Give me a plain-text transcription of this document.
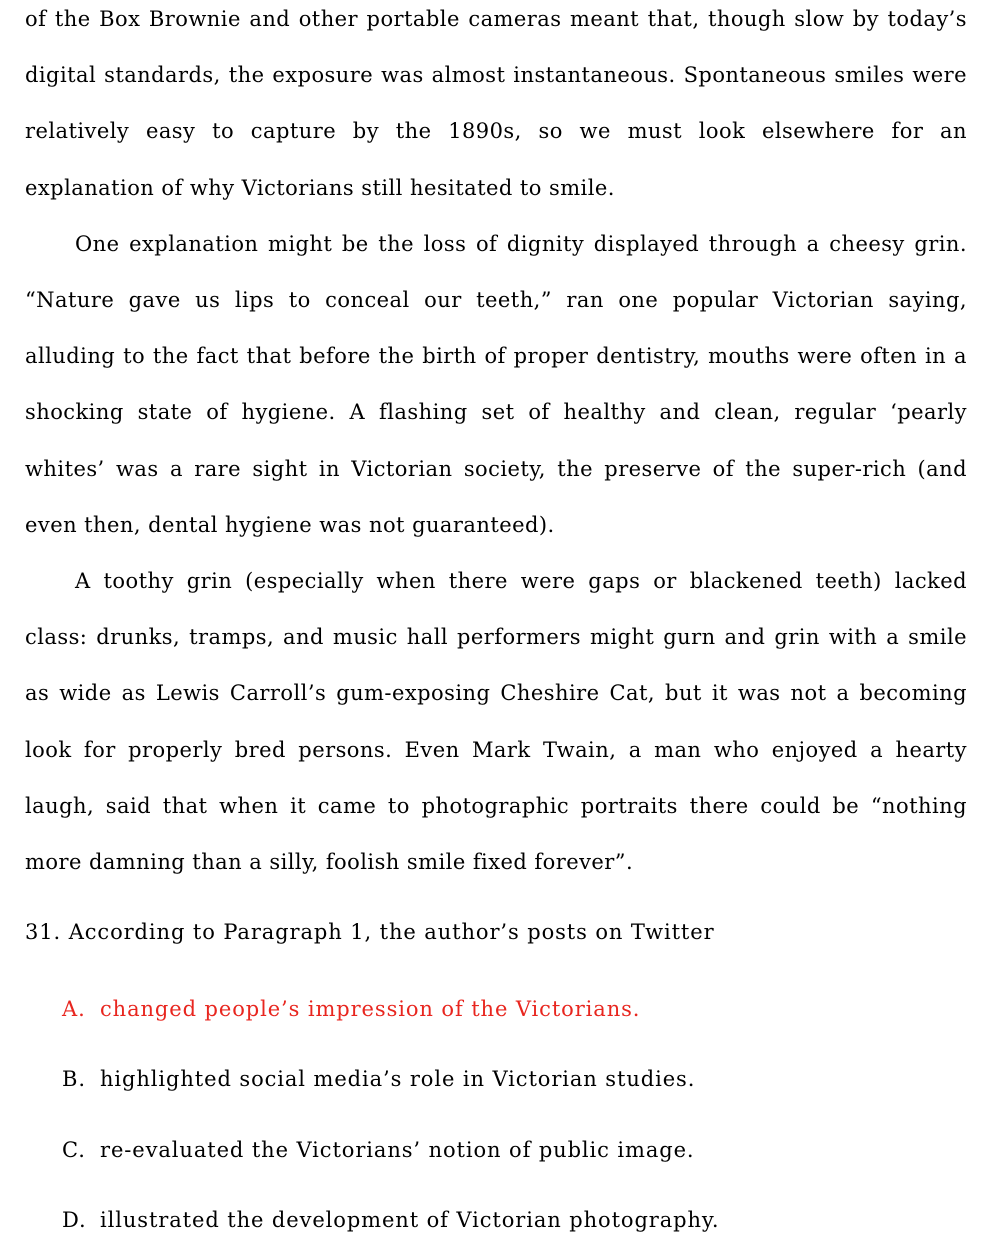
of the Box Brownie and other portable cameras meant that, though slow by today’s digital standards, the exposure was almost instantaneous. Spontaneous smiles were relatively easy to capture by the 1890s, so we must look elsewhere for an explanation of why Victorians still hesitated to smile.

One explanation might be the loss of dignity displayed through a cheesy grin. “Nature gave us lips to conceal our teeth,” ran one popular Victorian saying, alluding to the fact that before the birth of proper dentistry, mouths were often in a shocking state of hygiene. A flashing set of healthy and clean, regular ‘pearly whites’ was a rare sight in Victorian society, the preserve of the super-rich (and even then, dental hygiene was not guaranteed).

A toothy grin (especially when there were gaps or blackened teeth) lacked class: drunks, tramps, and music hall performers might gurn and grin with a smile as wide as Lewis Carroll’s gum-exposing Cheshire Cat, but it was not a becoming look for properly bred persons. Even Mark Twain, a man who enjoyed a hearty laugh, said that when it came to photographic portraits there could be “nothing more damning than a silly, foolish smile fixed forever”.

31. According to Paragraph 1, the author’s posts on Twitter

A. changed people’s impression of the Victorians.
B. highlighted social media’s role in Victorian studies.
C. re-evaluated the Victorians’ notion of public image.
D. illustrated the development of Victorian photography.
